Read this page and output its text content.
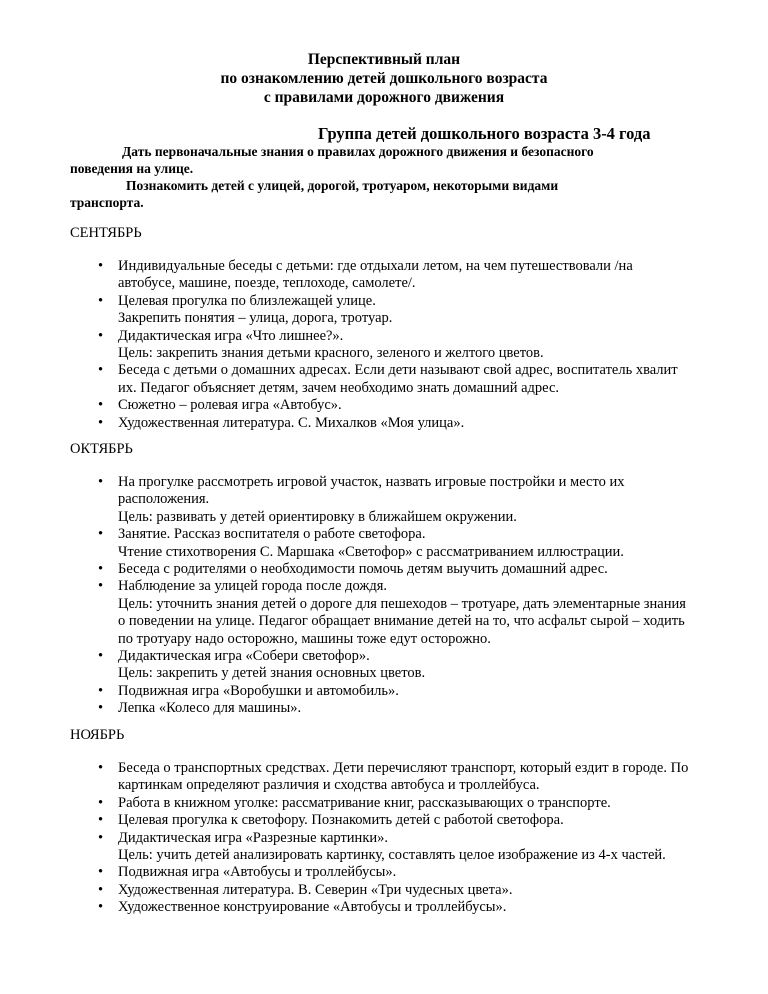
Перспективный план
по ознакомлению детей дошкольного возраста
с правилами дорожного движения
Группа детей дошкольного возраста 3-4 года
Дать первоначальные знания о правилах дорожного движения и безопасного
поведения на улице.
Познакомить детей с улицей, дорогой, тротуаром, некоторыми видами
транспорта.
СЕНТЯБРЬ
• Индивидуальные беседы с детьми: где отдыхали летом, на чем путешествовали /на автобусе, машине, поезде, теплоходе, самолете/.
• Целевая прогулка по близлежащей улице.
Закрепить понятия – улица, дорога, тротуар.
• Дидактическая игра «Что лишнее?».
Цель: закрепить знания детьми красного, зеленого и желтого цветов.
• Беседа с детьми о домашних адресах. Если дети называют свой адрес, воспитатель хвалит их. Педагог объясняет детям, зачем необходимо знать домашний адрес.
• Сюжетно – ролевая игра «Автобус».
• Художественная литература. С. Михалков «Моя улица».
ОКТЯБРЬ
• На прогулке рассмотреть игровой участок, назвать игровые постройки и место их расположения.
Цель: развивать у детей ориентировку в ближайшем окружении.
• Занятие. Рассказ воспитателя о работе светофора.
Чтение стихотворения С. Маршака «Светофор» с рассматриванием иллюстрации.
• Беседа с родителями о необходимости помочь детям выучить домашний адрес.
• Наблюдение за улицей города после дождя.
Цель: уточнить знания детей о дороге для пешеходов – тротуаре, дать элементарные знания о поведении на улице. Педагог обращает внимание детей на то, что асфальт сырой – ходить по тротуару надо осторожно, машины тоже едут осторожно.
• Дидактическая игра «Собери светофор».
Цель: закрепить у детей знания основных цветов.
• Подвижная игра «Воробушки и автомобиль».
• Лепка «Колесо для машины».
НОЯБРЬ
• Беседа о транспортных средствах. Дети перечисляют транспорт, который ездит в городе. По картинкам определяют различия и сходства автобуса и троллейбуса.
• Работа в книжном уголке: рассматривание книг, рассказывающих о транспорте.
• Целевая прогулка к светофору. Познакомить детей с работой светофора.
• Дидактическая игра «Разрезные картинки».
Цель: учить детей анализировать картинку, составлять целое изображение из 4-х частей.
• Подвижная игра «Автобусы и троллейбусы».
• Художественная литература. В. Северин «Три чудесных цвета».
• Художественное конструирование «Автобусы и троллейбусы».
